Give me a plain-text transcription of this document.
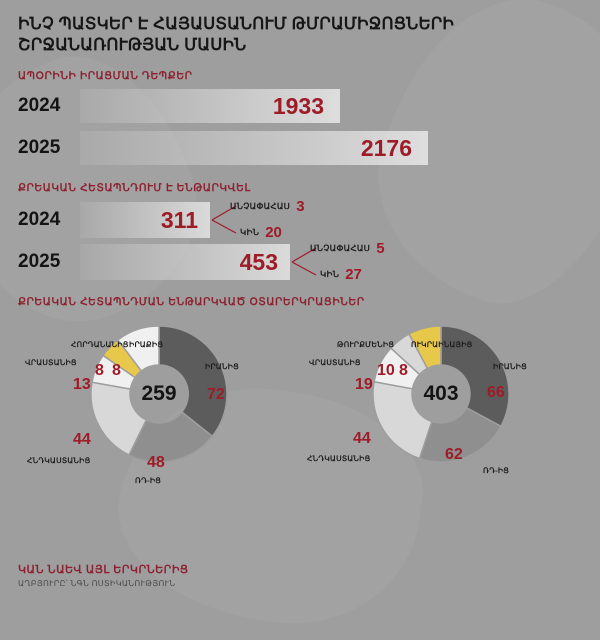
ԻՆՉ ՊԱՏԿԵՐ Է ՀԱՅԱՍՏԱՆՈՒՄ ԹՄՐԱՄԻՋՈՑՆԵՐԻ ՇՐՋԱՆԱՌՈՒԹՅԱՆ ՄԱՍԻՆ
ԱՊՕՐԻՆԻ ԻՐԱՑՄԱՆ ԴԵՊՔԵՐ
2024	1933
2025	2176
ՔՐԵԱԿԱՆ ՀԵՏԱՊՆԴՈՒՄ Է ԵՆԹԱՐԿՎԵԼ
2024	311
ԱՆՉԱՓԱՀԱՍ 3
ԿԻՆ 20
2025	453
ԱՆՉԱՓԱՀԱՍ 5
ԿԻՆ 27
ՔՐԵԱԿԱՆ ՀԵՏԱՊՆԴՄԱՆ ԵՆԹԱՐԿՎԱԾ ՕՏԱՐԵՐԿՐԱՑԻՆԵՐ
259 72
ԻՐԱՆԻՑ
48
ՌԴ-ԻՑ
44
ՀՆԴԿԱՍՏԱՆԻՑ
13
ՎՐԱՍՏԱՆԻՑ 8
ՀՈՐԴԱՆԱՆԻՑ
8
ԻՐԱՔԻՑ
403 66
ԻՐԱՆԻՑ
62
ՌԴ-ԻՑ
44
ՀՆԴԿԱՍՏԱՆԻՑ
19
ՎՐԱՍՏԱՆԻՑ 10
ԹՈՒՐՔՄԵՆԻՑ
8
ՈՒԿՐԱԻՆԱՅԻՑ
ԿԱՆ ՆԱԵՎ ԱՅԼ ԵՐԿՐՆԵՐԻՑ
ԱՂԲՅՈՒՐԸ՝ ՆԳՆ ՈՍՏԻԿԱՆՈՒԹՅՈՒՆ
